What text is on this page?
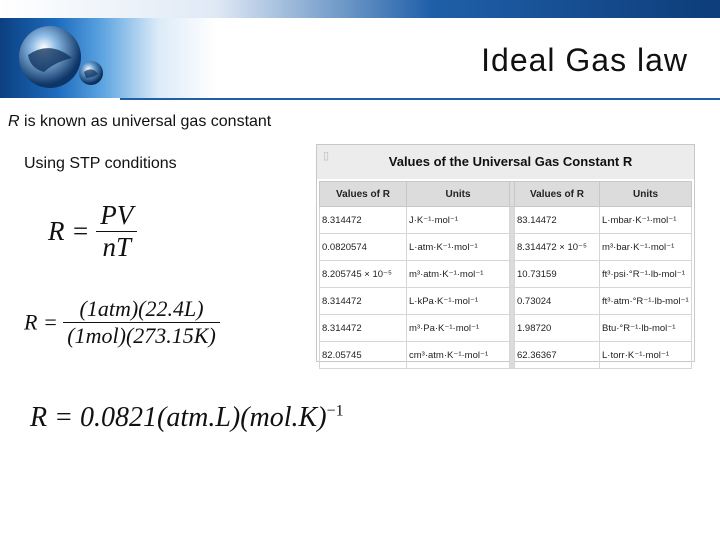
Ideal Gas law
R is known as universal gas constant
Using STP conditions
$R = \frac{PV}{nT}$
$R = \frac{\text{(1atm)(22.4L)}}{\text{(1mol)(273.15K)}}$
$R = 0.0821(atm.L)(mol.K)^{-1}$
Values of the Universal Gas Constant R
▯
Values of R	Units		Values of R	Units
8.314472	J·K⁻¹·mol⁻¹		83.14472	L·mbar·K⁻¹·mol⁻¹
0.0820574	L·atm·K⁻¹·mol⁻¹		8.314472 × 10⁻⁵	m³·bar·K⁻¹·mol⁻¹
8.205745 × 10⁻⁵	m³·atm·K⁻¹·mol⁻¹		10.73159	ft³·psi·°R⁻¹·lb-mol⁻¹
8.314472	L·kPa·K⁻¹·mol⁻¹		0.73024	ft³·atm·°R⁻¹·lb-mol⁻¹
8.314472	m³·Pa·K⁻¹·mol⁻¹		1.98720	Btu·°R⁻¹·lb-mol⁻¹
82.05745	cm³·atm·K⁻¹·mol⁻¹		62.36367	L·torr·K⁻¹·mol⁻¹
